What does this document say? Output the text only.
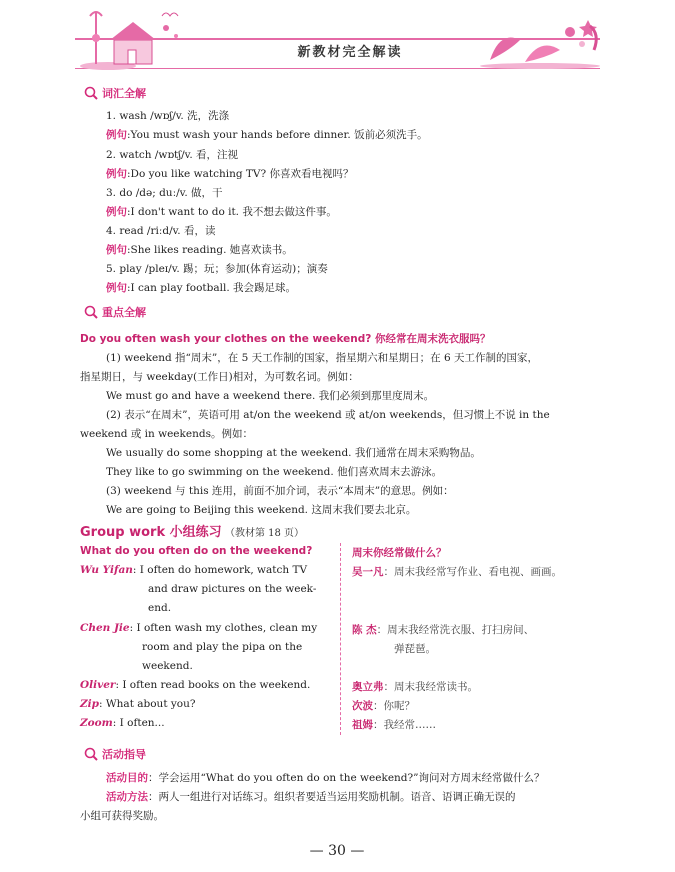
新教材完全解读
词汇全解
1. wash /wɒʃ/v. 洗，洗涤
例句:You must wash your hands before dinner. 饭前必须洗手。
2. watch /wɒtʃ/v. 看，注视
例句:Do you like watching TV? 你喜欢看电视吗？
3. do /də; duː/v. 做，干
例句:I don't want to do it. 我不想去做这件事。
4. read /riːd/v. 看，读
例句:She likes reading. 她喜欢读书。
5. play /pleɪ/v. 踢；玩；参加(体育运动)；演奏
例句:I can play football. 我会踢足球。
重点全解
Do you often wash your clothes on the weekend? 你经常在周末洗衣服吗？
(1) weekend 指“周末”，在 5 天工作制的国家，指星期六和星期日；在 6 天工作制的国家，
指星期日，与 weekday(工作日)相对，为可数名词。例如：
We must go and have a weekend there. 我们必须到那里度周末。
(2) 表示“在周末”，英语可用 at/on the weekend 或 at/on weekends，但习惯上不说 in the
weekend 或 in weekends。例如：
We usually do some shopping at the weekend. 我们通常在周末采购物品。
They like to go swimming on the weekend. 他们喜欢周末去游泳。
(3) weekend 与 this 连用，前面不加介词，表示“本周末”的意思。例如：
We are going to Beijing this weekend. 这周末我们要去北京。
Group work 小组练习 （教材第 18 页）
What do you often do on the weekend?	周末你经常做什么？
Wu Yifan: I often do homework, watch TV
and draw pictures on the week-
end.
Chen Jie: I often wash my clothes, clean my
room and play the pipa on the
weekend.
Oliver: I often read books on the weekend.
Zip: What about you?
Zoom: I often...
吴一凡：周末我经常写作业、看电视、画画。
陈 杰：周末我经常洗衣服、打扫房间、
弹琵琶。
奥立弗：周末我经常读书。
次波：你呢？
祖姆：我经常……
活动指导
活动目的：学会运用“What do you often do on the weekend?”询问对方周末经常做什么？
活动方法：两人一组进行对话练习。组织者要适当运用奖励机制。语音、语调正确无误的
小组可获得奖励。
— 30 —
